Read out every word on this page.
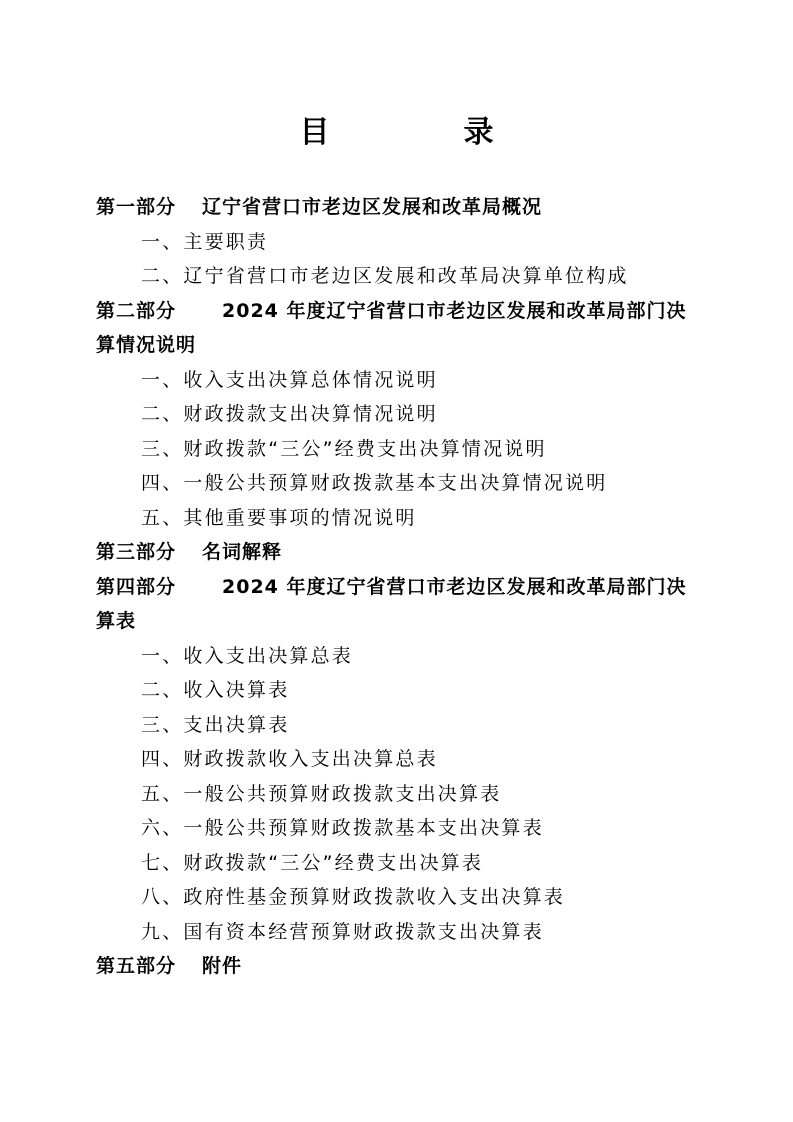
目　录
第一部分 辽宁省营口市老边区发展和改革局概况
一、主要职责
二、辽宁省营口市老边区发展和改革局决算单位构成
第二部分　2024 年度辽宁省营口市老边区发展和改革局部门决
算情况说明
一、收入支出决算总体情况说明
二、财政拨款支出决算情况说明
三、财政拨款“三公”经费支出决算情况说明
四、一般公共预算财政拨款基本支出决算情况说明
五、其他重要事项的情况说明
第三部分 名词解释
第四部分　2024 年度辽宁省营口市老边区发展和改革局部门决
算表
一、收入支出决算总表
二、收入决算表
三、支出决算表
四、财政拨款收入支出决算总表
五、一般公共预算财政拨款支出决算表
六、一般公共预算财政拨款基本支出决算表
七、财政拨款“三公”经费支出决算表
八、政府性基金预算财政拨款收入支出决算表
九、国有资本经营预算财政拨款支出决算表
第五部分 附件
